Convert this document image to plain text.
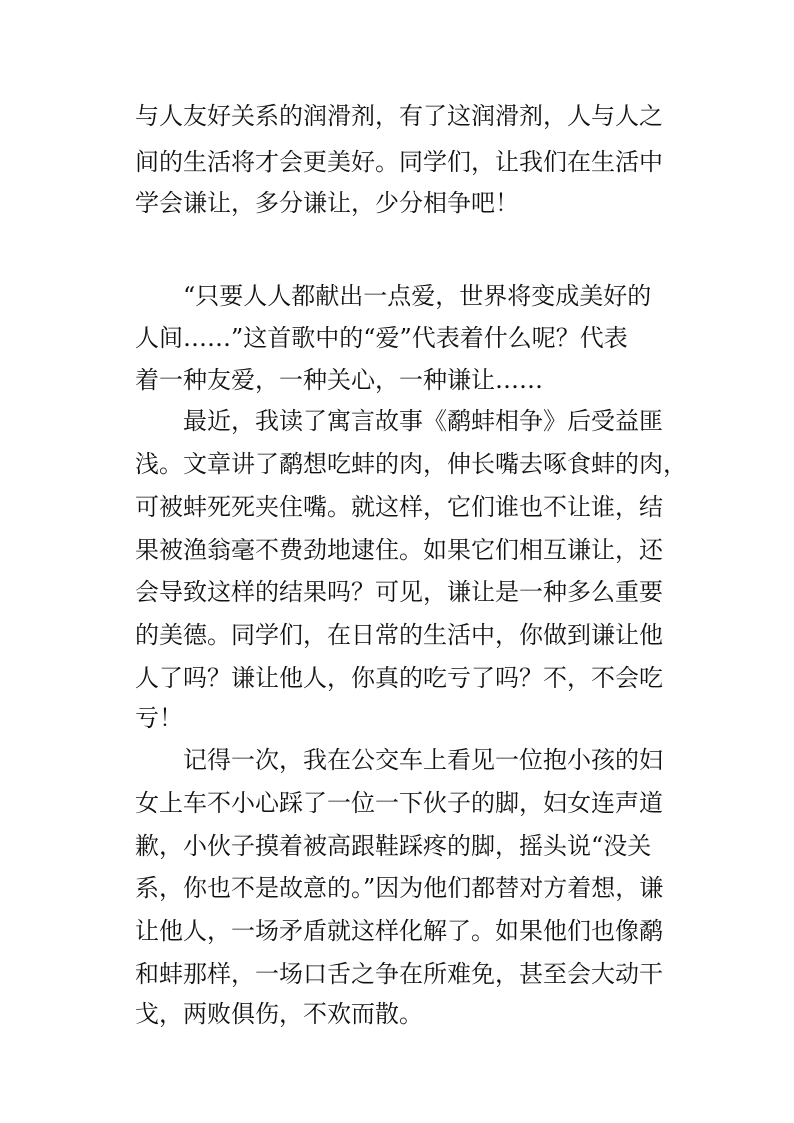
与人友好关系的润滑剂，有了这润滑剂，人与人之
间的生活将才会更美好。同学们，让我们在生活中
学会谦让，多分谦让，少分相争吧！
“只要人人都献出一点爱，世界将变成美好的
人间……”这首歌中的“爱”代表着什么呢？代表
着一种友爱，一种关心，一种谦让……
最近，我读了寓言故事《鹬蚌相争》后受益匪
浅。文章讲了鹬想吃蚌的肉，伸长嘴去啄食蚌的肉，
可被蚌死死夹住嘴。就这样，它们谁也不让谁，结
果被渔翁毫不费劲地逮住。如果它们相互谦让，还
会导致这样的结果吗？可见，谦让是一种多么重要
的美德。同学们，在日常的生活中，你做到谦让他
人了吗？谦让他人，你真的吃亏了吗？不，不会吃
亏！
记得一次，我在公交车上看见一位抱小孩的妇
女上车不小心踩了一位一下伙子的脚，妇女连声道
歉，小伙子摸着被高跟鞋踩疼的脚，摇头说“没关
系，你也不是故意的。”因为他们都替对方着想，谦
让他人，一场矛盾就这样化解了。如果他们也像鹬
和蚌那样，一场口舌之争在所难免，甚至会大动干
戈，两败俱伤，不欢而散。
